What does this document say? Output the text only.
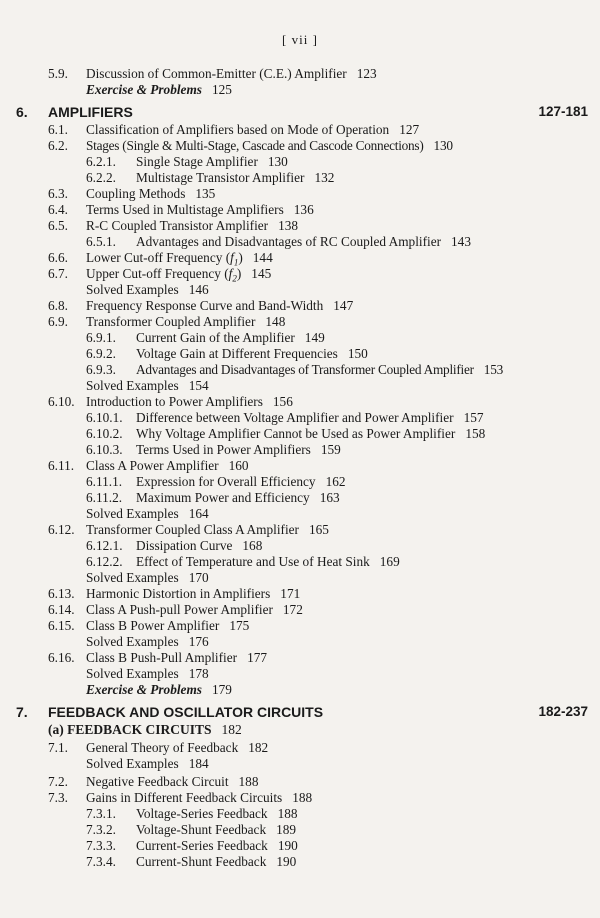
[ vii ]
5.9. Discussion of Common-Emitter (C.E.) Amplifier 123
Exercise & Problems 125
6. AMPLIFIERS	127-181
6.1. Classification of Amplifiers based on Mode of Operation 127
6.2. Stages (Single & Multi-Stage, Cascade and Cascode Connections) 130
6.2.1. Single Stage Amplifier 130
6.2.2. Multistage Transistor Amplifier 132
6.3. Coupling Methods 135
6.4. Terms Used in Multistage Amplifiers 136
6.5. R-C Coupled Transistor Amplifier 138
6.5.1. Advantages and Disadvantages of RC Coupled Amplifier 143
6.6. Lower Cut-off Frequency $(f_1)$ 144
6.7. Upper Cut-off Frequency $(f_2)$ 145
Solved Examples 146
6.8. Frequency Response Curve and Band-Width 147
6.9. Transformer Coupled Amplifier 148
6.9.1. Current Gain of the Amplifier 149
6.9.2. Voltage Gain at Different Frequencies 150
6.9.3. Advantages and Disadvantages of Transformer Coupled Amplifier 153
Solved Examples 154
6.10. Introduction to Power Amplifiers 156
6.10.1. Difference between Voltage Amplifier and Power Amplifier 157
6.10.2. Why Voltage Amplifier Cannot be Used as Power Amplifier 158
6.10.3. Terms Used in Power Amplifiers 159
6.11. Class A Power Amplifier 160
6.11.1. Expression for Overall Efficiency 162
6.11.2. Maximum Power and Efficiency 163
Solved Examples 164
6.12. Transformer Coupled Class A Amplifier 165
6.12.1. Dissipation Curve 168
6.12.2. Effect of Temperature and Use of Heat Sink 169
Solved Examples 170
6.13. Harmonic Distortion in Amplifiers 171
6.14. Class A Push-pull Power Amplifier 172
6.15. Class B Power Amplifier 175
Solved Examples 176
6.16. Class B Push-Pull Amplifier 177
Solved Examples 178
Exercise & Problems 179
7. FEEDBACK AND OSCILLATOR CIRCUITS	182-237
(a) FEEDBACK CIRCUITS 182
7.1. General Theory of Feedback 182
Solved Examples 184
7.2. Negative Feedback Circuit 188
7.3. Gains in Different Feedback Circuits 188
7.3.1. Voltage-Series Feedback 188
7.3.2. Voltage-Shunt Feedback 189
7.3.3. Current-Series Feedback 190
7.3.4. Current-Shunt Feedback 190
